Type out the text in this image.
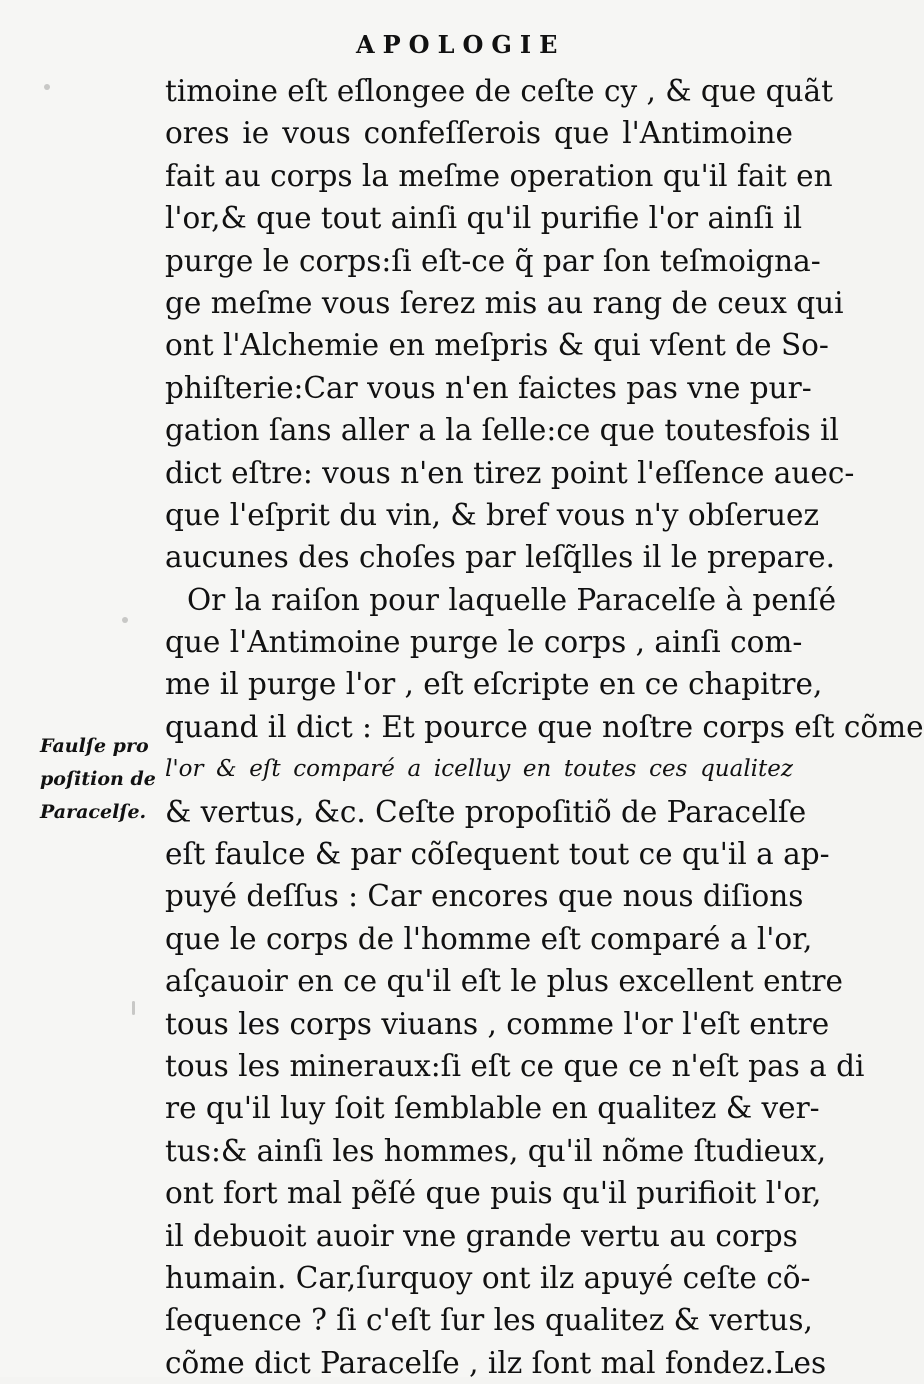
APOLOGIE
timoine eſt eſlongee de ceſte cy , & que quãt
ores ie vous confeſſerois que l'Antimoine
fait au corps la meſme operation qu'il fait en
l'or,& que tout ainſi qu'il purifie l'or ainſi il
purge le corps:ſi eſt-ce q̃ par ſon teſmoigna-
ge meſme vous ſerez mis au rang de ceux qui
ont l'Alchemie en meſpris & qui vſent de So-
phiſterie:Car vous n'en faictes pas vne pur-
gation ſans aller a la ſelle:ce que toutesfois il
dict eſtre: vous n'en tirez point l'eſſence auec-
que l'eſprit du vin, & bref vous n'y obſeruez
aucunes des choſes par leſq̃lles il le prepare.
Or la raiſon pour laquelle Paracelſe à penſé
que l'Antimoine purge le corps , ainſi com-
me il purge l'or , eſt eſcripte en ce chapitre,
quand il dict : Et pource que noſtre corps eſt cõme
l'or & eſt comparé a icelluy en toutes ces qualitez
& vertus, &c. Ceſte propoſitiõ de Paracelſe
eſt faulce & par cõſequent tout ce qu'il a ap-
puyé deſſus : Car encores que nous diſions
que le corps de l'homme eſt comparé a l'or,
aſçauoir en ce qu'il eſt le plus excellent entre
tous les corps viuans , comme l'or l'eſt entre
tous les mineraux:ſi eſt ce que ce n'eſt pas a di
re qu'il luy ſoit ſemblable en qualitez & ver-
tus:& ainſi les hommes, qu'il nõme ſtudieux,
ont fort mal pẽſé que puis qu'il purifioit l'or,
il debuoit auoir vne grande vertu au corps
humain. Car,ſurquoy ont ilz apuyé ceſte cõ-
ſequence ? ſi c'eſt ſur les qualitez & vertus,
cõme dict Paracelſe , ilz ſont mal fondez.Les
Faulſe pro
poſition de
Paracelſe.
